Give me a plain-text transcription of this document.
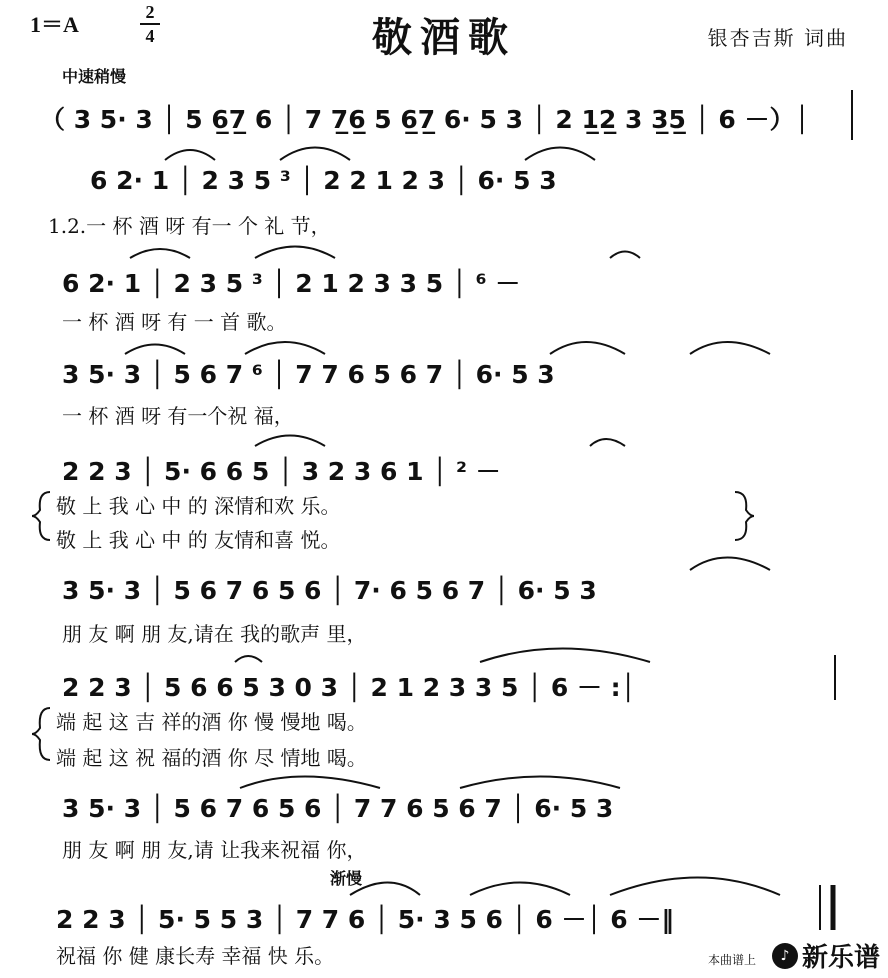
1＝A	2
4	敬酒歌	银杏吉斯 词曲
中速稍慢
渐慢
（ 3 5· 3 │ 5 6̲7̲ 6 │ 7 7̲6̲ 5 6̲7̲ 6· 5 3 │ 2 1̲2̲ 3 3̲5̲ │ 6 －）│
6 2· 1 │ 2 3 5 ³ │ 2 2 1 2 3 │ 6· 5 3
1.2.一 杯 酒 呀 有一 个 礼 节，
6 2· 1 │ 2 3 5 ³ │ 2 1 2 3 3 5 │ ⁶ －
一 杯 酒 呀 有 一 首 歌。
3 5· 3 │ 5 6 7 ⁶ │ 7 7 6 5 6 7 │ 6· 5 3
一 杯 酒 呀 有一个祝 福，
2 2 3 │ 5· 6 6 5 │ 3 2 3 6 1 │ ² －
敬 上 我 心 中 的 深情和欢 乐。
敬 上 我 心 中 的 友情和喜 悦。
3 5· 3 │ 5 6 7 6 5 6 │ 7· 6 5 6 7 │ 6· 5 3
朋 友 啊 朋 友,请在 我的歌声 里，
2 2 3 │ 5 6 6 5 3 0 3 │ 2 1 2 3 3 5 │ 6 － :│
端 起 这 吉 祥的酒 你 慢 慢地 喝。
端 起 这 祝 福的酒 你 尽 情地 喝。
3 5· 3 │ 5 6 7 6 5 6 │ 7 7 6 5 6 7 │ 6· 5 3
朋 友 啊 朋 友,请 让我来祝福 你，
2 2 3 │ 5· 5 5 3 │ 7 7 6 │ 5· 3 5 6 │ 6 －│ 6 －‖
祝福 你 健 康长寿 幸福 快 乐。	本曲谱上	♪ 新乐谱
